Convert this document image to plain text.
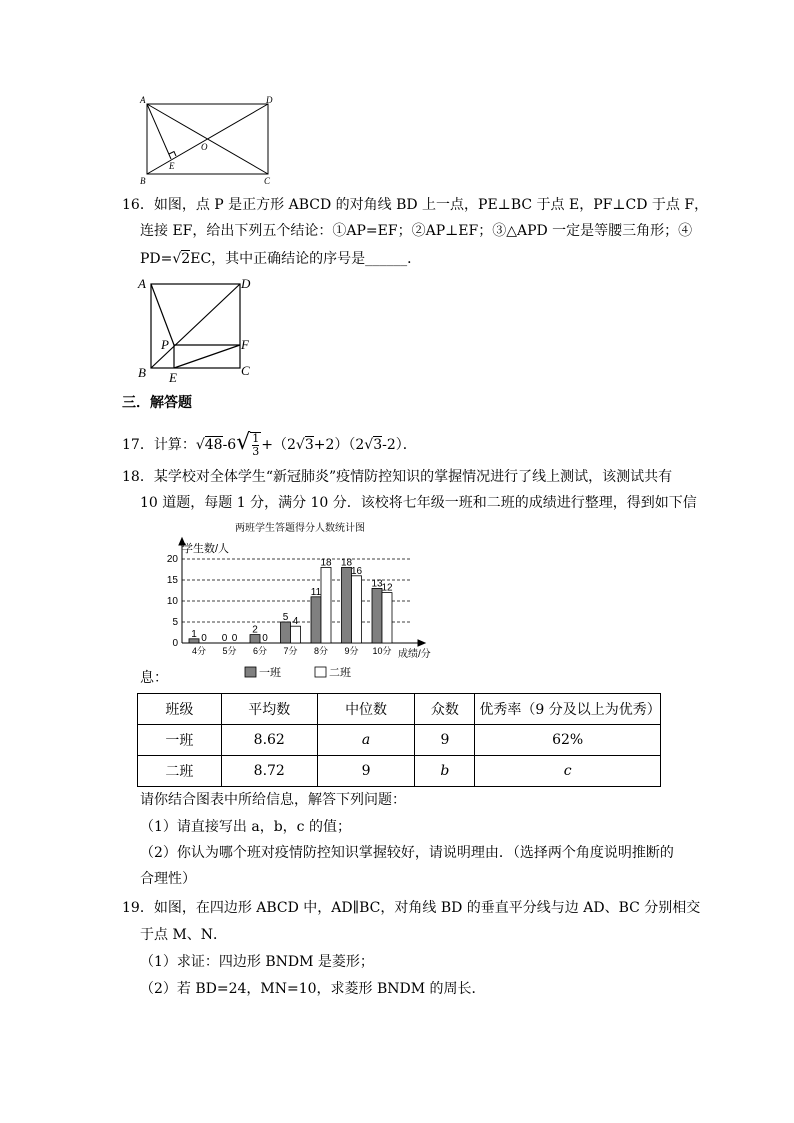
A	D
B	C
O
E
16．如图，点 P 是正方形 ABCD 的对角线 BD 上一点，PE⊥BC 于点 E，PF⊥CD 于点 F，
连接 EF，给出下列五个结论：①AP=EF；②AP⊥EF；③△APD 一定是等腰三角形；④
PD=√2EC，其中正确结论的序号是______．
A	D
B	C
P
E
F
三．解答题
17．计算：$√48-6√ \frac{1}{3} +(2√3+2)(2√3-2)$．
18．某学校对全体学生“新冠肺炎”疫情防控知识的掌握情况进行了线上测试，该测试共有
10 道题，每题 1 分，满分 10 分．该校将七年级一班和二班的成绩进行整理，得到如下信
两班学生答题得分人数统计图
0
5
10
15
20
4分
1 0
5分
0 0
6分
2
0
7分
5 4
8分
11
18
9分
18
16
10分
13
12
学生数/人
成绩/分
一班	二班
息：
班级	平均数	中位数	众数	优秀率（9 分及以上为优秀）
一班	8.62	a	9	62%
二班	8.72	9	b	c
请你结合图表中所给信息，解答下列问题：
（1）请直接写出 a，b，c 的值；
（2）你认为哪个班对疫情防控知识掌握较好，请说明理由．（选择两个角度说明推断的
合理性）
19．如图，在四边形 ABCD 中，AD∥BC，对角线 BD 的垂直平分线与边 AD、BC 分别相交
于点 M、N．
（1）求证：四边形 BNDM 是菱形；
（2）若 BD=24，MN=10，求菱形 BNDM 的周长．
